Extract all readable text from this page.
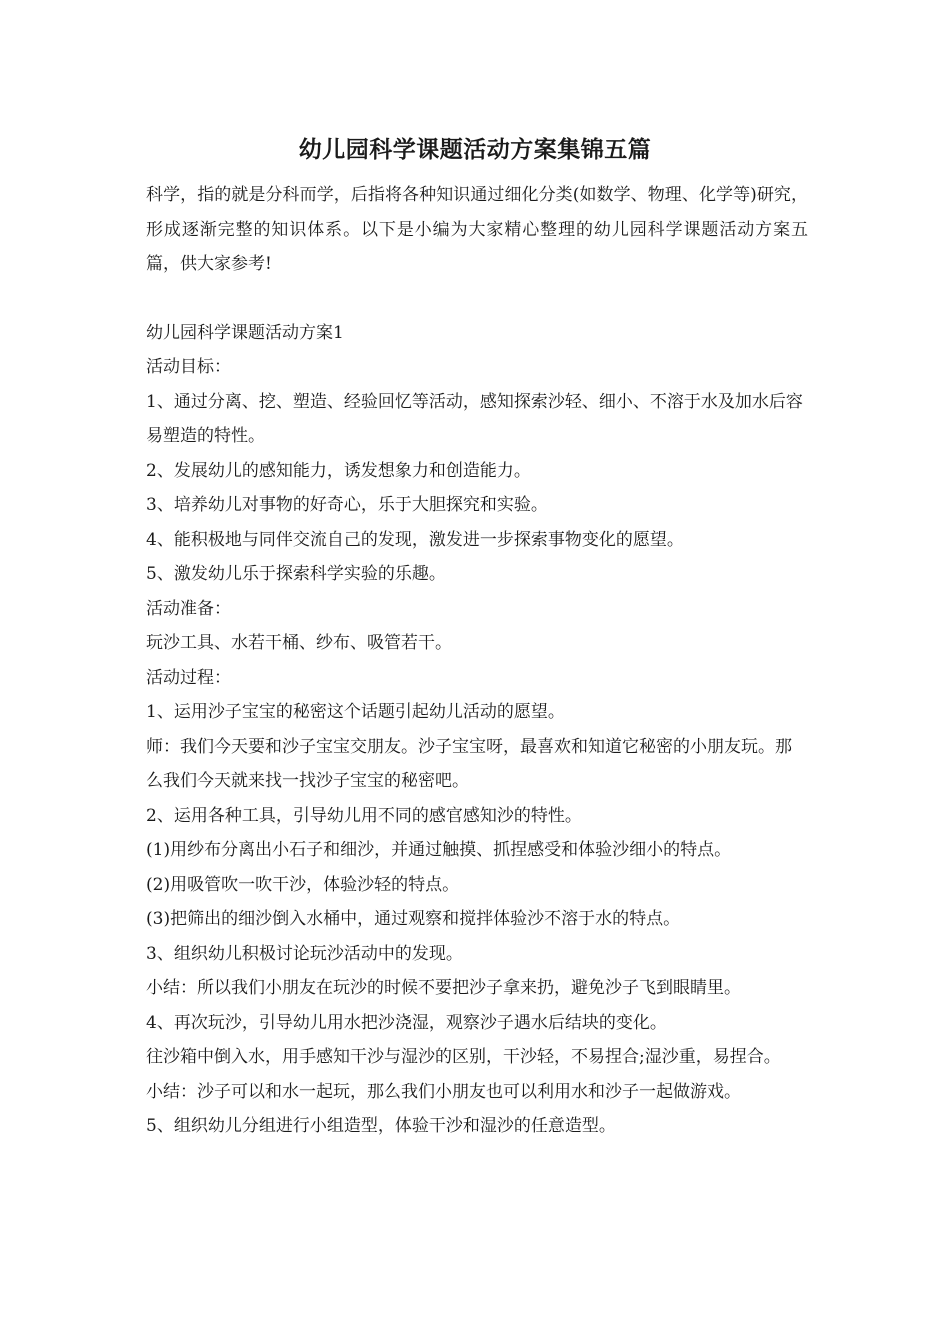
幼儿园科学课题活动方案集锦五篇

科学，指的就是分科而学，后指将各种知识通过细化分类(如数学、物理、化学等)研究，形成逐渐完整的知识体系。以下是小编为大家精心整理的幼儿园科学课题活动方案五篇，供大家参考!

幼儿园科学课题活动方案1

活动目标：

1、通过分离、挖、塑造、经验回忆等活动，感知探索沙轻、细小、不溶于水及加水后容易塑造的特性。

2、发展幼儿的感知能力，诱发想象力和创造能力。

3、培养幼儿对事物的好奇心，乐于大胆探究和实验。

4、能积极地与同伴交流自己的发现，激发进一步探索事物变化的愿望。

5、激发幼儿乐于探索科学实验的乐趣。

活动准备：

玩沙工具、水若干桶、纱布、吸管若干。

活动过程：

1、运用沙子宝宝的秘密这个话题引起幼儿活动的愿望。

师：我们今天要和沙子宝宝交朋友。沙子宝宝呀，最喜欢和知道它秘密的小朋友玩。那么我们今天就来找一找沙子宝宝的秘密吧。

2、运用各种工具，引导幼儿用不同的感官感知沙的特性。

(1)用纱布分离出小石子和细沙，并通过触摸、抓捏感受和体验沙细小的特点。

(2)用吸管吹一吹干沙，体验沙轻的特点。

(3)把筛出的细沙倒入水桶中，通过观察和搅拌体验沙不溶于水的特点。

3、组织幼儿积极讨论玩沙活动中的发现。

小结：所以我们小朋友在玩沙的时候不要把沙子拿来扔，避免沙子飞到眼睛里。

4、再次玩沙，引导幼儿用水把沙浇湿，观察沙子遇水后结块的变化。

往沙箱中倒入水，用手感知干沙与湿沙的区别，干沙轻，不易捏合;湿沙重，易捏合。

小结：沙子可以和水一起玩，那么我们小朋友也可以利用水和沙子一起做游戏。

5、组织幼儿分组进行小组造型，体验干沙和湿沙的任意造型。
